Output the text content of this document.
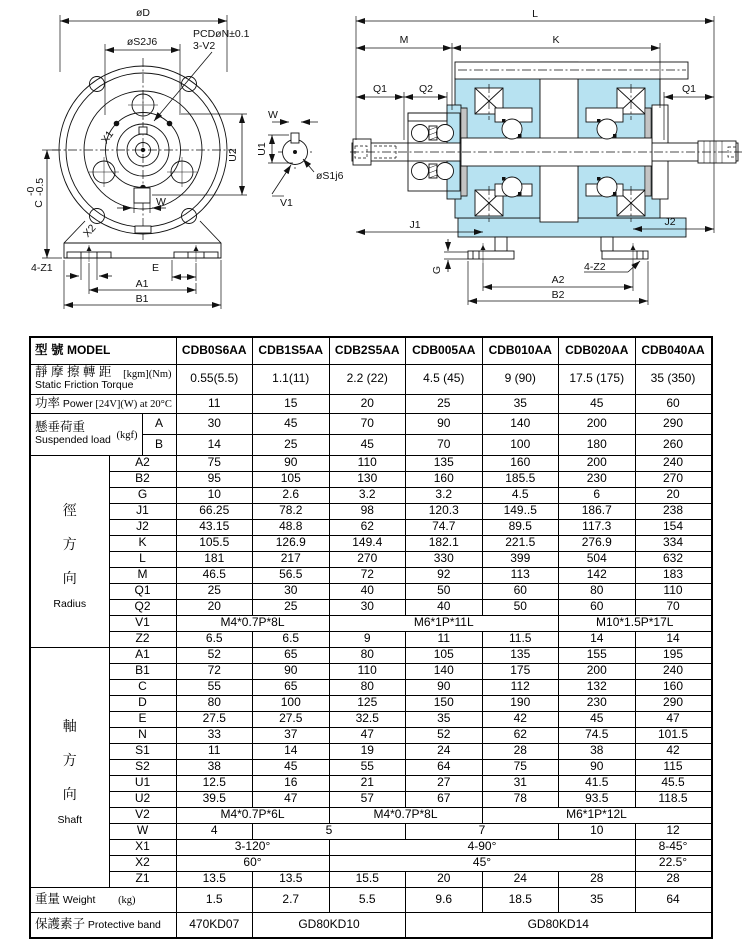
øD
øS2J6
PCDøN±0.1
3-V2
C
-0
-0.5
U2
X1
X2
W
4-Z1	E
A1
B1
W
U1
øS1j6
V1
L
M	K
Q1	Q2	Q1
J1	J2
G
A2
B2
4-Z2
型 號 MODEL			CDB0S6AA	CDB1S5AA	CDB2S5AA	CDB005AA	CDB010AA	CDB020AA	CDB040AA

靜 摩 擦 轉 距 [kgm](Nm)
Static Friction Torque			0.55(5.5)	1.1(11)	2.2 (22)	4.5 (45)	9 (90)	17.5 (175)	35 (350)
功率 Power [24V](W) at 20°C			11	15	20	25	35	45	60

懸垂荷重
Suspended load (kgf)		A	30	45	70	90	140	200	290
		B	14	25	45	70	100	180	260

徑
方
向
Radius	A2		75	90	110	135	160	200	240
	B2		95	105	130	160	185.5	230	270
	G		10	2.6	3.2	3.2	4.5	6	20
	J1		66.25	78.2	98	120.3	149..5	186.7	238
	J2		43.15	48.8	62	74.7	89.5	117.3	154
	K		105.5	126.9	149.4	182.1	221.5	276.9	334
	L		181	217	270	330	399	504	632
	M		46.5	56.5	72	92	113	142	183
	Q1		25	30	40	50	60	80	110
	Q2		20	25	30	40	50	60	70
	V1		M4*0.7P*8L		M6*1P*11L			M10*1.5P*17L	
	Z2		6.5	6.5	9	11	11.5	14	14

軸
方
向
Shaft	A1		52	65	80	105	135	155	195
	B1		72	90	110	140	175	200	240
	C		55	65	80	90	112	132	160
	D		80	100	125	150	190	230	290
	E		27.5	27.5	32.5	35	42	45	47
	N		33	37	47	52	62	74.5	101.5
	S1		11	14	19	24	28	38	42
	S2		38	45	55	64	75	90	115
	U1		12.5	16	21	27	31	41.5	45.5
	U2		39.5	47	57	67	78	93.5	118.5
	V2		M4*0.7P*6L		M4*0.7P*8L		M6*1P*12L		
	W		4	5		7		10	12
	X1		3-120°		4-90°				8-45°
	X2		60°		45°				22.5°
	Z1		13.5	13.5	15.5	20	24	28	28
重量 Weight (kg)			1.5	2.7	5.5	9.6	18.5	35	64
保護素子 Protective band			470KD07	GD80KD10		GD80KD14			
